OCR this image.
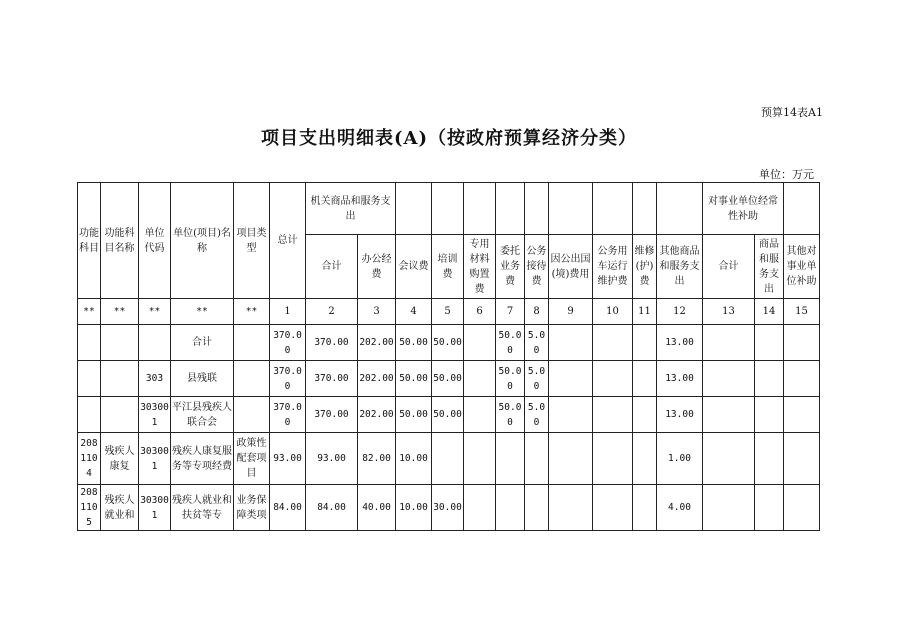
预算14表A1
项目支出明细表(A)（按政府预算经济分类）
单位：万元
功能科目	功能科目名称	单位代码	单位(项目)名称	项目类型	总计	机关商品和服务支出											对事业单位经常性补助		
						合计	办公经费	会议费	培训费	专用材料购置费	委托业务费	公务接待费	因公出国(境)费用	公务用车运行维护费	维修(护)费	其他商品和服务支出	合计	商品和服务支出	其他对事业单位补助
**	**	**	**	**	1	2	3	4	5	6	7	8	9	10	11	12	13	14	15
			合计		370.00	370.00	202.00	50.00	50.00		50.00	5.00				13.00			
		303	县残联		370.00	370.00	202.00	50.00	50.00		50.00	5.00				13.00			
		303001	平江县残疾人联合会		370.00	370.00	202.00	50.00	50.00		50.00	5.00				13.00			
2081104	残疾人康复	303001	残疾人康复服务等专项经费	政策性配套项目	93.00	93.00	82.00	10.00								1.00			
2081105	残疾人就业和	303001	残疾人就业和扶贫等专	业务保障类项	84.00	84.00	40.00	10.00	30.00							4.00			
